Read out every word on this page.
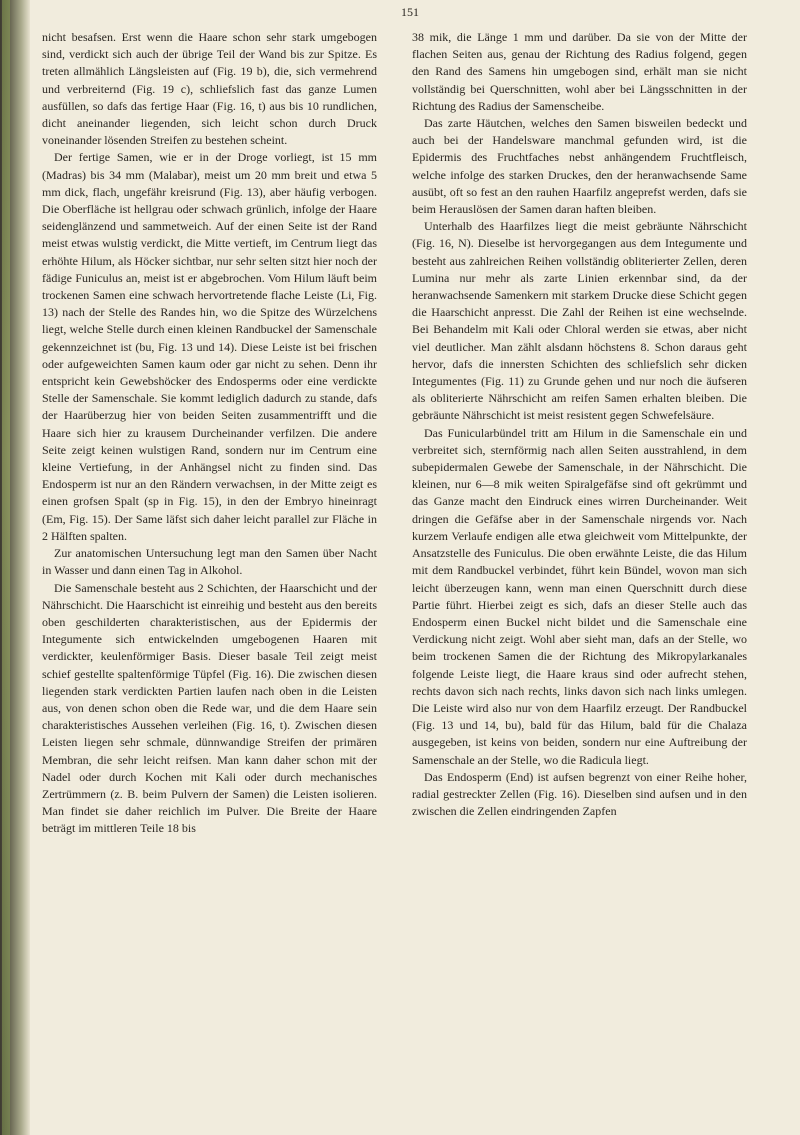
151

nicht besafsen. Erst wenn die Haare schon sehr stark umgebogen sind, verdickt sich auch der übrige Teil der Wand bis zur Spitze. Es treten allmählich Längsleisten auf (Fig. 19 b), die, sich vermehrend und verbreiternd (Fig. 19 c), schliefslich fast das ganze Lumen ausfüllen, so dafs das fertige Haar (Fig. 16, t) aus bis 10 rundlichen, dicht aneinander liegenden, sich leicht schon durch Druck voneinander lösenden Streifen zu bestehen scheint.

Der fertige Samen, wie er in der Droge vorliegt, ist 15 mm (Madras) bis 34 mm (Malabar), meist um 20 mm breit und etwa 5 mm dick, flach, ungefähr kreisrund (Fig. 13), aber häufig verbogen. Die Oberfläche ist hellgrau oder schwach grünlich, infolge der Haare seidenglänzend und sammetweich. Auf der einen Seite ist der Rand meist etwas wulstig verdickt, die Mitte vertieft, im Centrum liegt das erhöhte Hilum, als Höcker sichtbar, nur sehr selten sitzt hier noch der fädige Funiculus an, meist ist er abgebrochen. Vom Hilum läuft beim trockenen Samen eine schwach hervortretende flache Leiste (Li, Fig. 13) nach der Stelle des Randes hin, wo die Spitze des Würzelchens liegt, welche Stelle durch einen kleinen Randbuckel der Samenschale gekennzeichnet ist (bu, Fig. 13 und 14). Diese Leiste ist bei frischen oder aufgeweichten Samen kaum oder gar nicht zu sehen. Denn ihr entspricht kein Gewebshöcker des Endosperms oder eine verdickte Stelle der Samenschale. Sie kommt lediglich dadurch zu stande, dafs der Haarüberzug hier von beiden Seiten zusammentrifft und die Haare sich hier zu krausem Durcheinander verfilzen. Die andere Seite zeigt keinen wulstigen Rand, sondern nur im Centrum eine kleine Vertiefung, in der Anhängsel nicht zu finden sind. Das Endosperm ist nur an den Rändern verwachsen, in der Mitte zeigt es einen grofsen Spalt (sp in Fig. 15), in den der Embryo hineinragt (Em, Fig. 15). Der Same läfst sich daher leicht parallel zur Fläche in 2 Hälften spalten.

Zur anatomischen Untersuchung legt man den Samen über Nacht in Wasser und dann einen Tag in Alkohol.

Die Samenschale besteht aus 2 Schichten, der Haarschicht und der Nährschicht. Die Haarschicht ist einreihig und besteht aus den bereits oben geschilderten charakteristischen, aus der Epidermis der Integumente sich entwickelnden umgebogenen Haaren mit verdickter, keulenförmiger Basis. Dieser basale Teil zeigt meist schief gestellte spaltenförmige Tüpfel (Fig. 16). Die zwischen diesen liegenden stark verdickten Partien laufen nach oben in die Leisten aus, von denen schon oben die Rede war, und die dem Haare sein charakteristisches Aussehen verleihen (Fig. 16, t). Zwischen diesen Leisten liegen sehr schmale, dünnwandige Streifen der primären Membran, die sehr leicht reifsen. Man kann daher schon mit der Nadel oder durch Kochen mit Kali oder durch mechanisches Zertrümmern (z. B. beim Pulvern der Samen) die Leisten isolieren. Man findet sie daher reichlich im Pulver. Die Breite der Haare beträgt im mittleren Teile 18 bis

38 mik, die Länge 1 mm und darüber. Da sie von der Mitte der flachen Seiten aus, genau der Richtung des Radius folgend, gegen den Rand des Samens hin umgebogen sind, erhält man sie nicht vollständig bei Querschnitten, wohl aber bei Längsschnitten in der Richtung des Radius der Samenscheibe.

Das zarte Häutchen, welches den Samen bisweilen bedeckt und auch bei der Handelsware manchmal gefunden wird, ist die Epidermis des Fruchtfaches nebst anhängendem Fruchtfleisch, welche infolge des starken Druckes, den der heranwachsende Same ausübt, oft so fest an den rauhen Haarfilz angeprefst werden, dafs sie beim Herauslösen der Samen daran haften bleiben.

Unterhalb des Haarfilzes liegt die meist gebräunte Nährschicht (Fig. 16, N). Dieselbe ist hervorgegangen aus dem Integumente und besteht aus zahlreichen Reihen vollständig obliterierter Zellen, deren Lumina nur mehr als zarte Linien erkennbar sind, da der heranwachsende Samenkern mit starkem Drucke diese Schicht gegen die Haarschicht anpresst. Die Zahl der Reihen ist eine wechselnde. Bei Behandelm mit Kali oder Chloral werden sie etwas, aber nicht viel deutlicher. Man zählt alsdann höchstens 8. Schon daraus geht hervor, dafs die innersten Schichten des schliefslich sehr dicken Integumentes (Fig. 11) zu Grunde gehen und nur noch die äufseren als obliterierte Nährschicht am reifen Samen erhalten bleiben. Die gebräunte Nährschicht ist meist resistent gegen Schwefelsäure.

Das Funicularbündel tritt am Hilum in die Samenschale ein und verbreitet sich, sternförmig nach allen Seiten ausstrahlend, in dem subepidermalen Gewebe der Samenschale, in der Nährschicht. Die kleinen, nur 6—8 mik weiten Spiralgefäfse sind oft gekrümmt und das Ganze macht den Eindruck eines wirren Durcheinander. Weit dringen die Gefäfse aber in der Samenschale nirgends vor. Nach kurzem Verlaufe endigen alle etwa gleichweit vom Mittelpunkte, der Ansatzstelle des Funiculus. Die oben erwähnte Leiste, die das Hilum mit dem Randbuckel verbindet, führt kein Bündel, wovon man sich leicht überzeugen kann, wenn man einen Querschnitt durch diese Partie führt. Hierbei zeigt es sich, dafs an dieser Stelle auch das Endosperm einen Buckel nicht bildet und die Samenschale eine Verdickung nicht zeigt. Wohl aber sieht man, dafs an der Stelle, wo beim trockenen Samen die der Richtung des Mikropylarkanales folgende Leiste liegt, die Haare kraus sind oder aufrecht stehen, rechts davon sich nach rechts, links davon sich nach links umlegen. Die Leiste wird also nur von dem Haarfilz erzeugt. Der Randbuckel (Fig. 13 und 14, bu), bald für das Hilum, bald für die Chalaza ausgegeben, ist keins von beiden, sondern nur eine Auftreibung der Samenschale an der Stelle, wo die Radicula liegt.

Das Endosperm (End) ist aufsen begrenzt von einer Reihe hoher, radial gestreckter Zellen (Fig. 16). Dieselben sind aufsen und in den zwischen die Zellen eindringenden Zapfen
